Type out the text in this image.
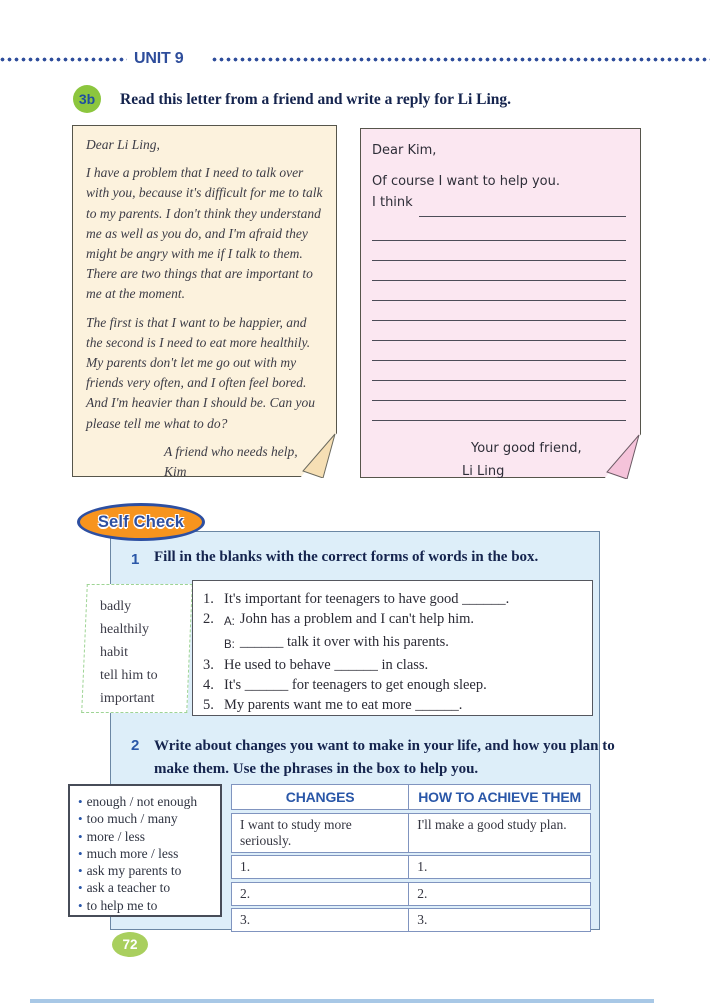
UNIT 9
3b	Read this letter from a friend and write a reply for Li Ling.

Dear Li Ling,

I have a problem that I need to talk over with you, because it's difficult for me to talk to my parents. I don't think they understand me as well as you do, and I'm afraid they might be angry with me if I talk to them. There are two things that are important to me at the moment.

The first is that I want to be happier, and the second is I need to eat more healthily. My parents don't let me go out with my friends very often, and I often feel bored. And I'm heavier than I should be. Can you please tell me what to do?

A friend who needs help,
Kim
Dear Kim,
Of course I want to help you.
I think
Your good friend,
Li Ling
Self Check
1 Fill in the blanks with the correct forms of words in the box.
badly
healthily
habit
tell him to
important
1. It's important for teenagers to have good ______.
2. A: John has a problem and I can't help him.
B: ______ talk it over with his parents.
3. He used to behave ______ in class.
4. It's ______ for teenagers to get enough sleep.
5. My parents want me to eat more ______.
2 Write about changes you want to make in your life, and how you plan to make them. Use the phrases in the box to help you.
• enough / not enough
• too much / many
• more / less
• much more / less
• ask my parents to
• ask a teacher to
• to help me to
CHANGES	HOW TO ACHIEVE THEM
I want to study more seriously.
I'll make a good study plan.
1.	1.
2.	2.
3.	3.
72
